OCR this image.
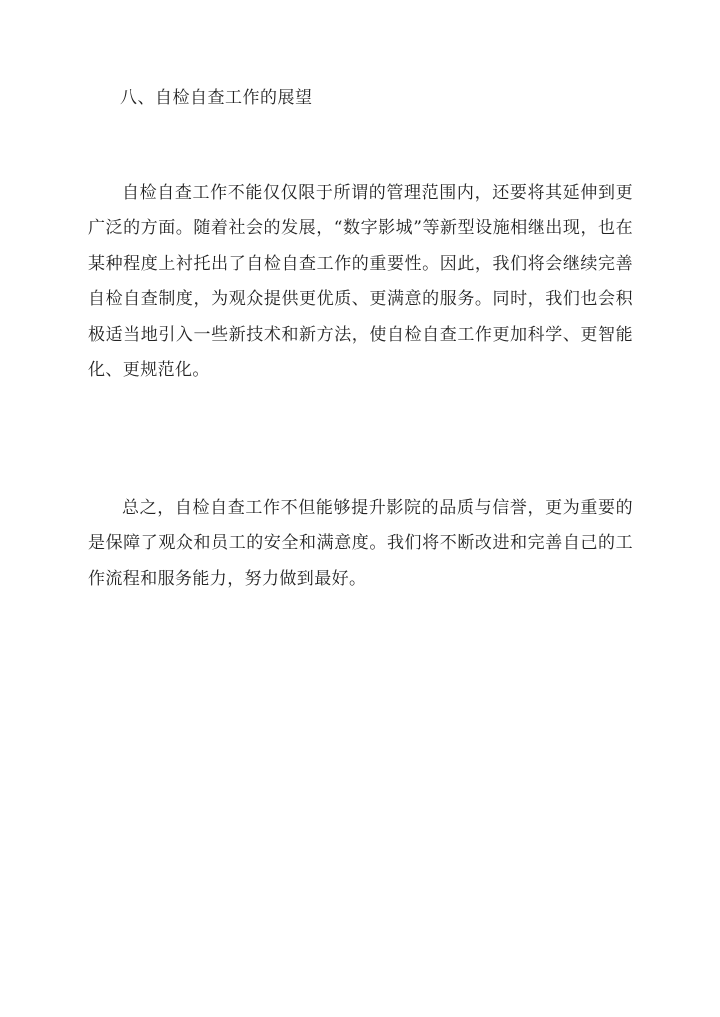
八、自检自查工作的展望

自检自查工作不能仅仅限于所谓的管理范围内，还要将其延伸到更广泛的方面。随着社会的发展，“数字影城”等新型设施相继出现，也在某种程度上衬托出了自检自查工作的重要性。因此，我们将会继续完善自检自查制度，为观众提供更优质、更满意的服务。同时，我们也会积极适当地引入一些新技术和新方法，使自检自查工作更加科学、更智能化、更规范化。

总之，自检自查工作不但能够提升影院的品质与信誉，更为重要的是保障了观众和员工的安全和满意度。我们将不断改进和完善自己的工作流程和服务能力，努力做到最好。
